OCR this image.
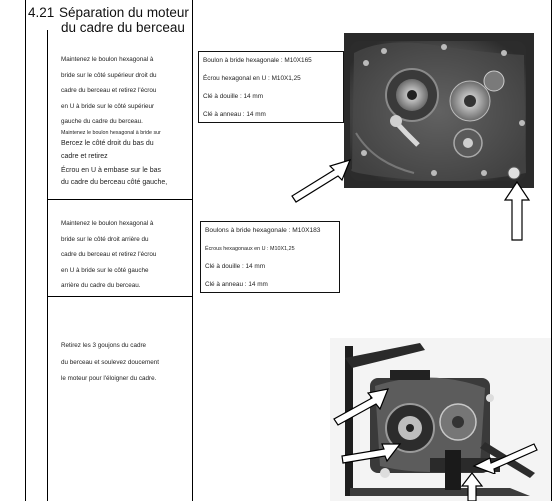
4.21 Séparation du moteur
du cadre du berceau
Maintenez le boulon hexagonal à
bride sur le côté supérieur droit du
cadre du berceau et retirez l'écrou
en U à bride sur le côté supérieur
gauche du cadre du berceau.
Maintenez le boulon hexagonal à bride sur
Bercez le côté droit du bas du
cadre et retirez
Écrou en U à embase sur le bas
du cadre du berceau côté gauche,
Boulon à bride hexagonale : M10X165
Écrou hexagonal en U : M10X1,25
Clé à douille : 14 mm
Clé à anneau : 14 mm
Maintenez le boulon hexagonal à
bride sur le côté droit arrière du
cadre du berceau et retirez l'écrou
en U à bride sur le côté gauche
arrière du cadre du berceau.
Boulons à bride hexagonale : M10X183
Écrous hexagonaux en U : M10X1,25
Clé à douille : 14 mm
Clé à anneau : 14 mm
Retirez les 3 goujons du cadre
du berceau et soulevez doucement
le moteur pour l'éloigner du cadre.
